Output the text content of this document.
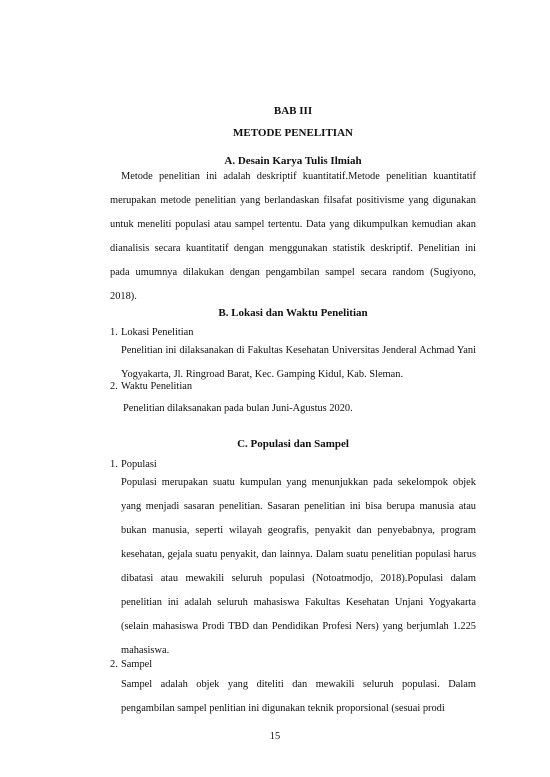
BAB III
METODE PENELITIAN
A. Desain Karya Tulis Ilmiah
Metode penelitian ini adalah deskriptif kuantitatif.Metode penelitian kuantitatif merupakan metode penelitian yang berlandaskan filsafat positivisme yang digunakan untuk meneliti populasi atau sampel tertentu. Data yang dikumpulkan kemudian akan dianalisis secara kuantitatif dengan menggunakan statistik deskriptif. Penelitian ini pada umumnya dilakukan dengan pengambilan sampel secara random (Sugiyono, 2018).
B. Lokasi dan Waktu Penelitian
1. Lokasi Penelitian
Penelitian ini dilaksanakan di Fakultas Kesehatan Universitas Jenderal Achmad Yani Yogyakarta, Jl. Ringroad Barat, Kec. Gamping Kidul, Kab. Sleman.
2. Waktu Penelitian
Penelitian dilaksanakan pada bulan Juni-Agustus 2020.
C. Populasi dan Sampel
1. Populasi
Populasi merupakan suatu kumpulan yang menunjukkan pada sekelompok objek yang menjadi sasaran penelitian. Sasaran penelitian ini bisa berupa manusia atau bukan manusia, seperti wilayah geografis, penyakit dan penyebabnya, program kesehatan, gejala suatu penyakit, dan lainnya. Dalam suatu penelitian populasi harus dibatasi atau mewakili seluruh populasi (Notoatmodjo, 2018).Populasi dalam penelitian ini adalah seluruh mahasiswa Fakultas Kesehatan Unjani Yogyakarta (selain mahasiswa Prodi TBD dan Pendidikan Profesi Ners) yang berjumlah 1.225 mahasiswa.
2. Sampel
Sampel adalah objek yang diteliti dan mewakili seluruh populasi. Dalam pengambilan sampel penlitian ini digunakan teknik proporsional (sesuai prodi
15
